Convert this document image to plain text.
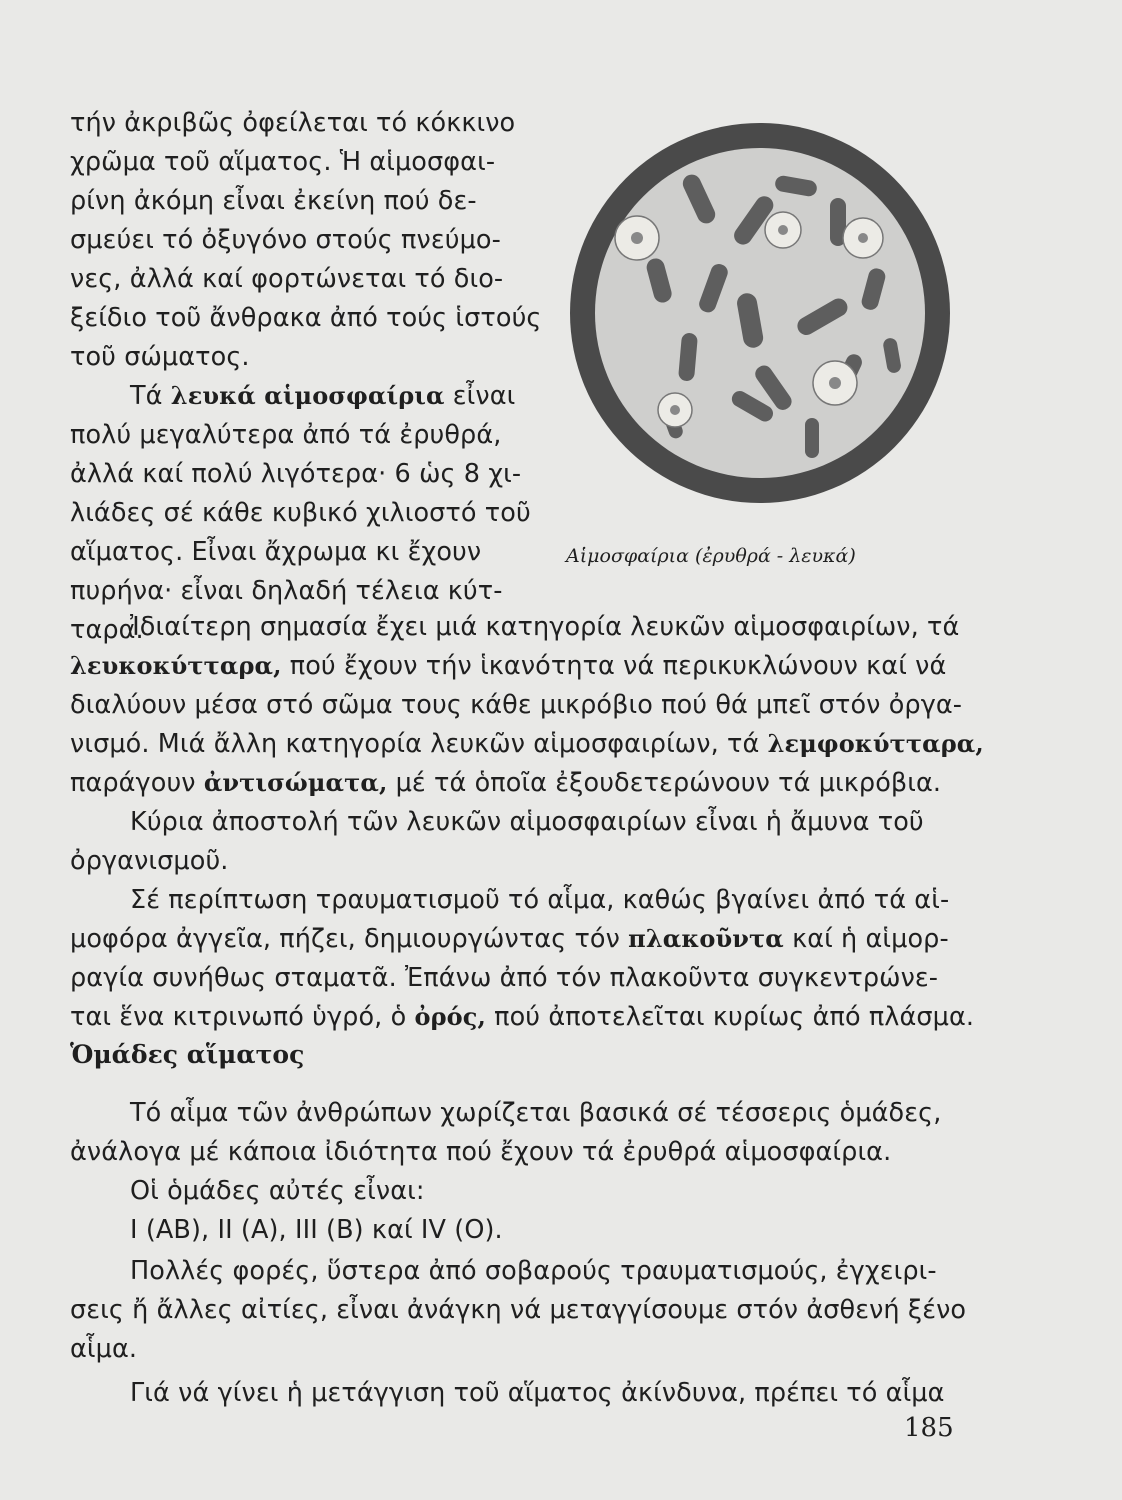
τήν ἀκριβῶς ὀφείλεται τό κόκκινο
χρῶμα τοῦ αἵματος. Ἡ αἱμοσφαι-
ρίνη ἀκόμη εἶναι ἐκείνη πού δε-
σμεύει τό ὀξυγόνο στούς πνεύμο-
νες, ἀλλά καί φορτώνεται τό διο-
ξείδιο τοῦ ἄνθρακα ἀπό τούς ἱστούς
τοῦ σώματος.
Τά λευκά αἱμοσφαίρια εἶναι
πολύ μεγαλύτερα ἀπό τά ἐρυθρά,
ἀλλά καί πολύ λιγότερα· 6 ὡς 8 χι-
λιάδες σέ κάθε κυβικό χιλιοστό τοῦ
αἵματος. Εἶναι ἄχρωμα κι ἔχουν
πυρήνα· εἶναι δηλαδή τέλεια κύτ-
ταρα.
Αἱμοσφαίρια (ἐρυθρά - λευκά)
Ἰδιαίτερη σημασία ἔχει μιά κατηγορία λευκῶν αἱμοσφαιρίων, τά
λευκοκύτταρα, πού ἔχουν τήν ἱκανότητα νά περικυκλώνουν καί νά
διαλύουν μέσα στό σῶμα τους κάθε μικρόβιο πού θά μπεῖ στόν ὀργα-
νισμό. Μιά ἄλλη κατηγορία λευκῶν αἱμοσφαιρίων, τά λεμφοκύτταρα,
παράγουν ἀντισώματα, μέ τά ὁποῖα ἐξουδετερώνουν τά μικρόβια.
Κύρια ἀποστολή τῶν λευκῶν αἱμοσφαιρίων εἶναι ἡ ἄμυνα τοῦ
ὀργανισμοῦ.
Σέ περίπτωση τραυματισμοῦ τό αἷμα, καθώς βγαίνει ἀπό τά αἱ-
μοφόρα ἀγγεῖα, πήζει, δημιουργώντας τόν πλακοῦντα καί ἡ αἱμορ-
ραγία συνήθως σταματᾶ. Ἐπάνω ἀπό τόν πλακοῦντα συγκεντρώνε-
Ὁμάδες αἵματος
Τό αἷμα τῶν ἀνθρώπων χωρίζεται βασικά σέ τέσσερις ὁμάδες,
ἀνάλογα μέ κάποια ἰδιότητα πού ἔχουν τά ἐρυθρά αἱμοσφαίρια.
Οἱ ὁμάδες αὐτές εἶναι:
I (AB), II (A), III (B) καί IV (O).
Πολλές φορές, ὕστερα ἀπό σοβαρούς τραυματισμούς, ἐγχειρι-
σεις ἤ ἄλλες αἰτίες, εἶναι ἀνάγκη νά μεταγγίσουμε στόν ἀσθενή ξένο
αἷμα.
Γιά νά γίνει ἡ μετάγγιση τοῦ αἵματος ἀκίνδυνα, πρέπει τό αἷμα
185
ται ἕνα κιτρινωπό ὑγρό, ὁ ὀρός, πού ἀποτελεῖται κυρίως ἀπό πλάσμα.
